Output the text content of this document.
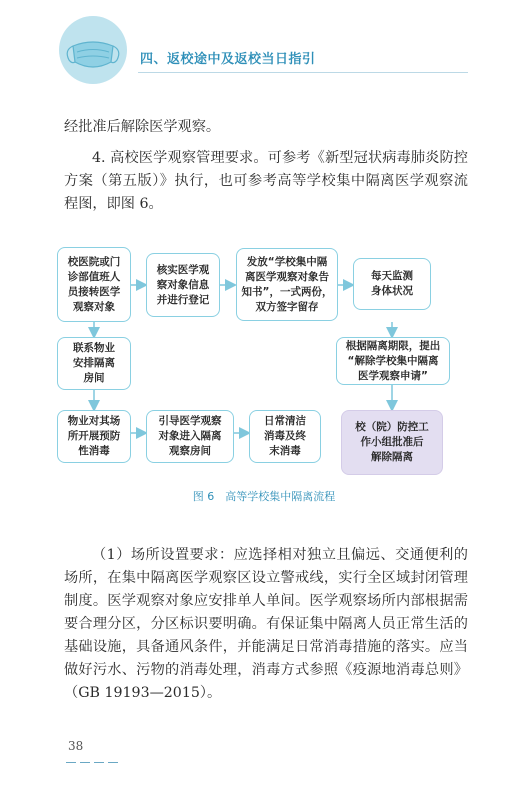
四、返校途中及返校当日指引
经批准后解除医学观察。
4. 高校医学观察管理要求。可参考《新型冠状病毒肺炎防控方案（第五版）》执行，也可参考高等学校集中隔离医学观察流程图，即图 6。
校医院或门
诊部值班人
员接转医学
观察对象
核实医学观
察对象信息
并进行登记
发放“学校集中隔
离医学观察对象告
知书”，一式两份，
双方签字留存
每天监测
身体状况
联系物业
安排隔离
房间
根据隔离期限，提出
“解除学校集中隔离
医学观察申请”
物业对其场
所开展预防
性消毒
引导医学观察
对象进入隔离
观察房间
日常清洁
消毒及终
末消毒
校（院）防控工
作小组批准后
解除隔离
图 6　高等学校集中隔离流程
（1）场所设置要求：应选择相对独立且偏远、交通便利的场所，在集中隔离医学观察区设立警戒线，实行全区域封闭管理制度。医学观察对象应安排单人单间。医学观察场所内部根据需要合理分区，分区标识要明确。有保证集中隔离人员正常生活的基础设施，具备通风条件，并能满足日常消毒措施的落实。应当做好污水、污物的消毒处理，消毒方式参照《疫源地消毒总则》（GB 19193—2015）。
38
